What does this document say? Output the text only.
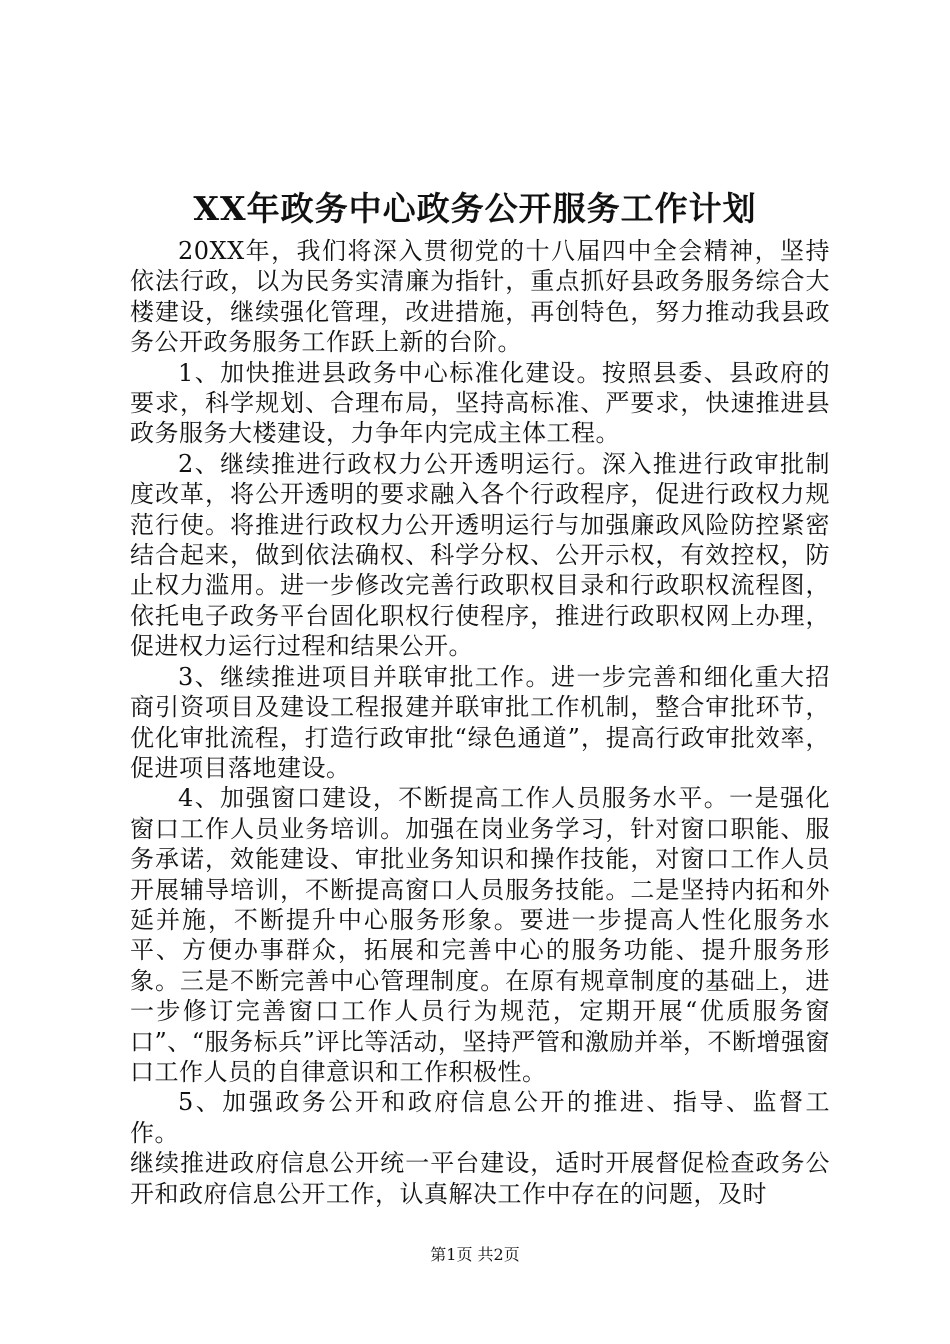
XX年政务中心政务公开服务工作计划

20XX年，我们将深入贯彻党的十八届四中全会精神，坚持依法行政，以为民务实清廉为指针，重点抓好县政务服务综合大楼建设，继续强化管理，改进措施，再创特色，努力推动我县政务公开政务服务工作跃上新的台阶。

1、加快推进县政务中心标准化建设。按照县委、县政府的要求，科学规划、合理布局，坚持高标准、严要求，快速推进县政务服务大楼建设，力争年内完成主体工程。

2、继续推进行政权力公开透明运行。深入推进行政审批制度改革，将公开透明的要求融入各个行政程序，促进行政权力规范行使。将推进行政权力公开透明运行与加强廉政风险防控紧密结合起来，做到依法确权、科学分权、公开示权，有效控权，防止权力滥用。进一步修改完善行政职权目录和行政职权流程图，依托电子政务平台固化职权行使程序，推进行政职权网上办理，促进权力运行过程和结果公开。

3、继续推进项目并联审批工作。进一步完善和细化重大招商引资项目及建设工程报建并联审批工作机制，整合审批环节，优化审批流程，打造行政审批“绿色通道”，提高行政审批效率，促进项目落地建设。

4、加强窗口建设，不断提高工作人员服务水平。一是强化窗口工作人员业务培训。加强在岗业务学习，针对窗口职能、服务承诺，效能建设、审批业务知识和操作技能，对窗口工作人员开展辅导培训，不断提高窗口人员服务技能。二是坚持内拓和外延并施，不断提升中心服务形象。要进一步提高人性化服务水平、方便办事群众，拓展和完善中心的服务功能、提升服务形象。三是不断完善中心管理制度。在原有规章制度的基础上，进一步修订完善窗口工作人员行为规范，定期开展“优质服务窗口”、“服务标兵”评比等活动，坚持严管和激励并举，不断增强窗口工作人员的自律意识和工作积极性。

5、加强政务公开和政府信息公开的推进、指导、监督工作。

继续推进政府信息公开统一平台建设，适时开展督促检查政务公开和政府信息公开工作，认真解决工作中存在的问题，及时

第1页 共2页
